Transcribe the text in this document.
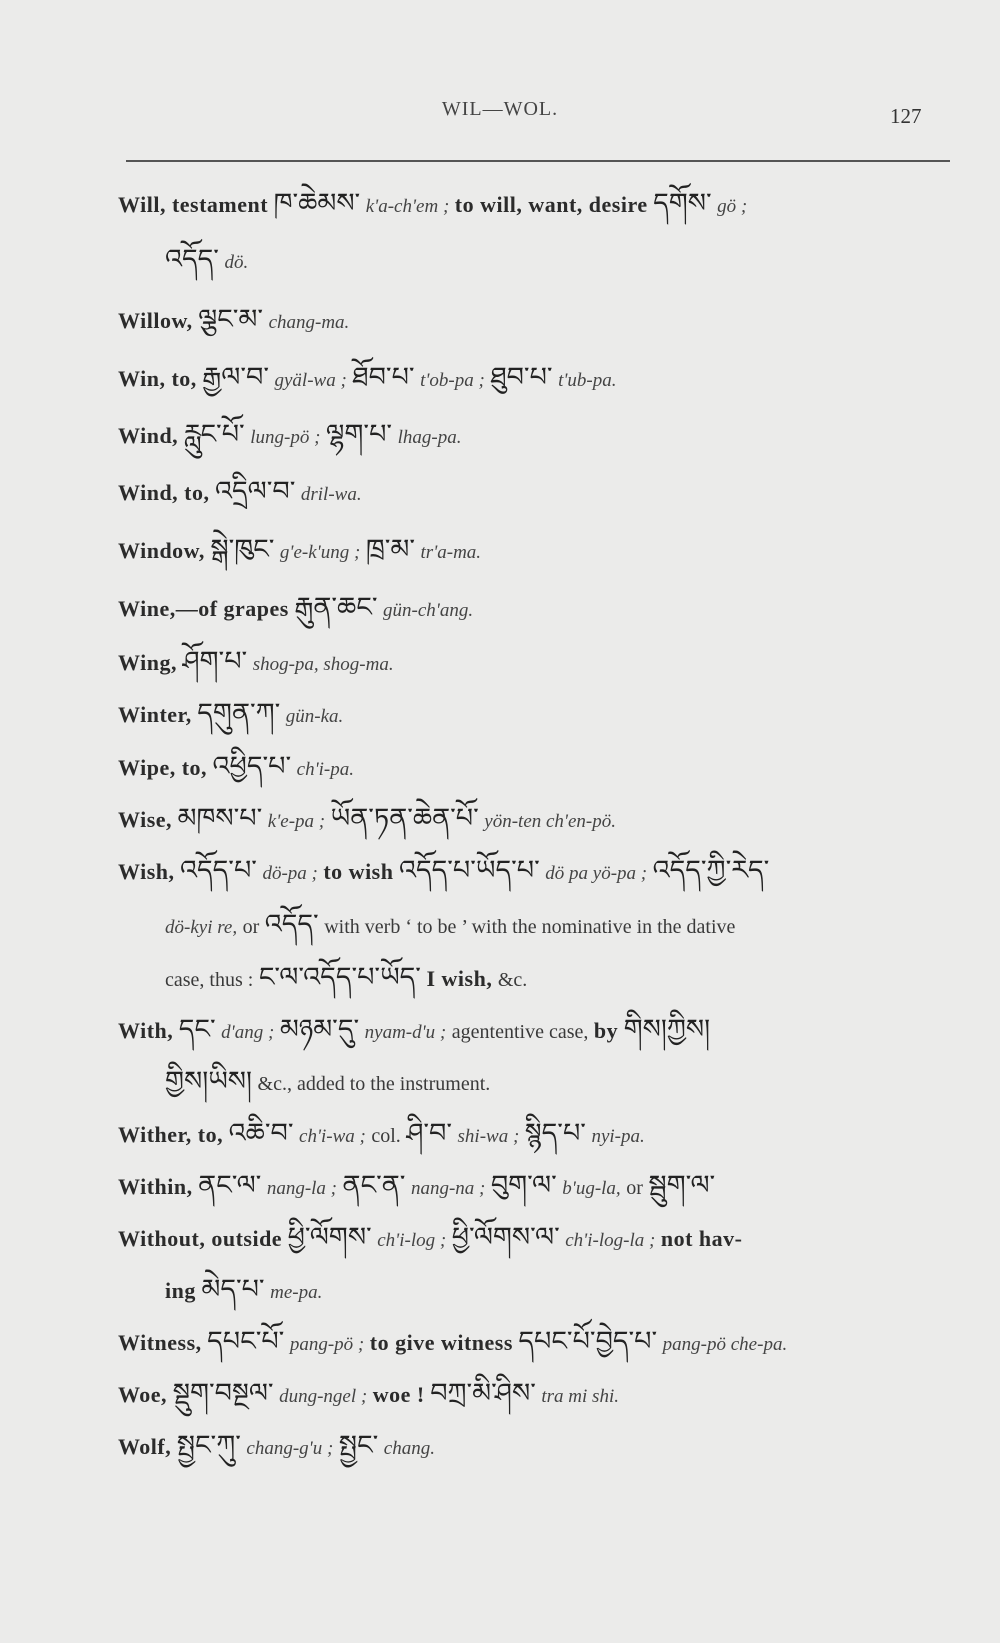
WIL—WOL.	127
Will, testament ཁ་ཆེམས་ k'a-ch'em ; to will, want, desire དགོས་ gö ;
འདོད་ dö.
Willow, ལྕང་མ་ chang-ma.
Win, to, རྒྱལ་བ་ gyäl-wa ; ཐོབ་པ་ t'ob-pa ; ཐུབ་པ་ t'ub-pa.
Wind, རླུང་པོ་ lung-pö ; ལྷག་པ་ lhag-pa.
Wind, to, འདྲིལ་བ་ dril-wa.
Window, སྒེ་ཁུང་ g'e-k'ung ; ཁྲ་མ་ tr'a-ma.
Wine,—of grapes རྒུན་ཆང་ gün-ch'ang.
Wing, ཤོག་པ་ shog-pa, shog-ma.
Winter, དགུན་ཀ་ gün-ka.
Wipe, to, འཕྱིད་པ་ ch'i-pa.
Wise, མཁས་པ་ k'e-pa ; ཡོན་ཏན་ཆེན་པོ་ yön-ten ch'en-pö.
Wish, འདོད་པ་ dö-pa ; to wish འདོད་པ་ཡོད་པ་ dö pa yö-pa ; འདོད་ཀྱི་རེད་
dö-kyi re, or འདོད་ with verb ‘ to be ’ with the nominative in the dative
case, thus : ང་ལ་འདོད་པ་ཡོད་ I wish, &c.
With, དང་ d'ang ; མཉམ་དུ་ nyam-d'u ; agententive case, by གིས།ཀྱིས།
གྱིས།ཡིས། &c., added to the instrument.
Wither, to, འཆི་བ་ ch'i-wa ; col. ཤི་བ་ shi-wa ; སྙིད་པ་ nyi-pa.
Within, ནང་ལ་ nang-la ; ནང་ན་ nang-na ; བུག་ལ་ b'ug-la, or སྦུག་ལ་
Without, outside ཕྱི་ལོགས་ ch'i-log ; ཕྱི་ལོགས་ལ་ ch'i-log-la ; not hav-
ing མེད་པ་ me-pa.
Witness, དཔང་པོ་ pang-pö ; to give witness དཔང་པོ་བྱེད་པ་ pang-pö che-pa.
Woe, སྡུག་བསྔལ་ dung-ngel ; woe ! བཀྲ་མི་ཤིས་ tra mi shi.
Wolf, སྤྱང་ཀུ་ chang-g'u ; སྤྱང་ chang.
